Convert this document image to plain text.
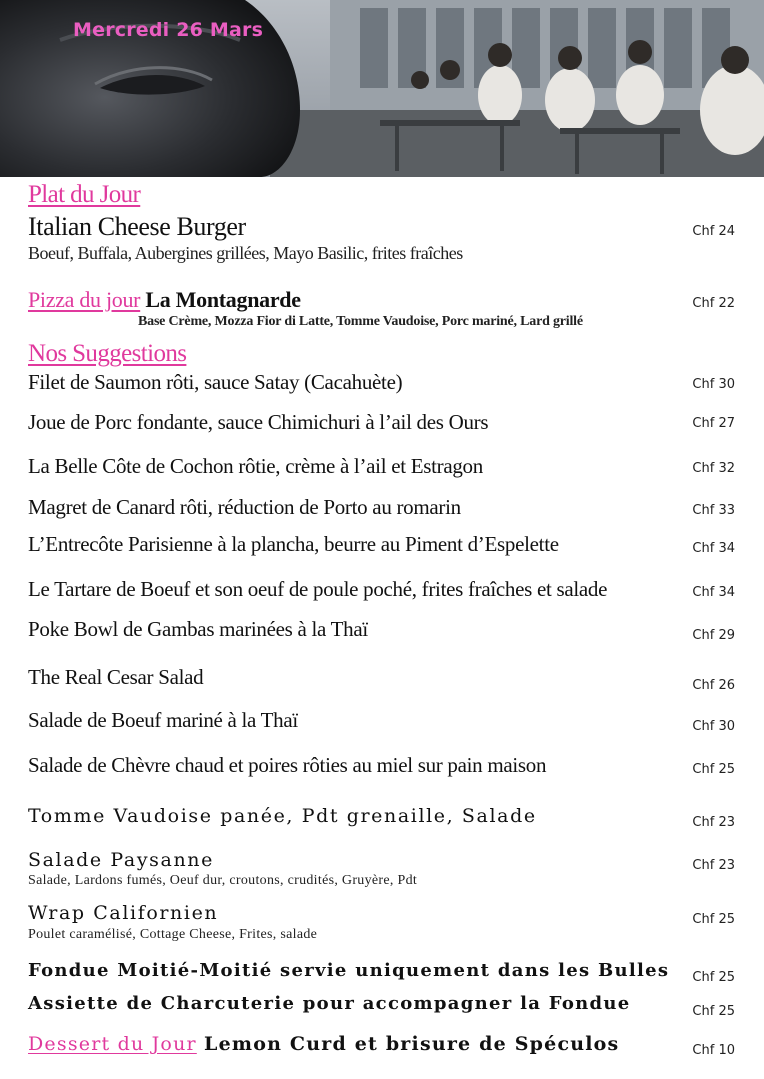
Mercredi 26 Mars
Plat du Jour
Italian Cheese Burger
Boeuf, Buffala, Aubergines grillées, Mayo Basilic, frites fraîches
Chf 24
Pizza du jour La Montagnarde
Base Crème, Mozza Fior di Latte, Tomme Vaudoise, Porc mariné, Lard grillé
Chf 22
Nos Suggestions
Filet de Saumon rôti, sauce Satay (Cacahuète)	Chf 30
Joue de Porc fondante, sauce Chimichuri à l’ail des Ours	Chf 27
La Belle Côte de Cochon rôtie, crème à l’ail et Estragon	Chf 32
Magret de Canard rôti, réduction de Porto au romarin	Chf 33
L’Entrecôte Parisienne à la plancha, beurre au Piment d’Espelette	Chf 34
Le Tartare de Boeuf et son oeuf de poule poché, frites fraîches et salade	Chf 34
Poke Bowl de Gambas marinées à la Thaï	Chf 29
The Real Cesar Salad	Chf 26
Salade de Boeuf mariné à la Thaï	Chf 30
Salade de Chèvre chaud et poires rôties au miel sur pain maison	Chf 25
Tomme Vaudoise panée, Pdt grenaille, Salade	Chf 23
Salade Paysanne
Salade, Lardons fumés, Oeuf dur, croutons, crudités, Gruyère, Pdt
Chf 23
Wrap Californien
Poulet caramélisé, Cottage Cheese, Frites, salade
Chf 25
Fondue Moitié-Moitié servie uniquement dans les Bulles Chf 25
Assiette de Charcuterie pour accompagner la Fondue	Chf 25
Dessert du Jour Lemon Curd et brisure de Spéculos	Chf 10
